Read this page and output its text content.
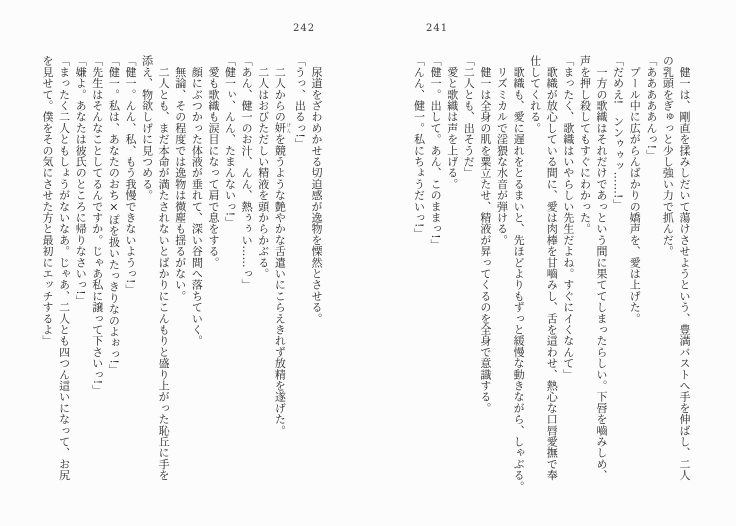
242

　尿道をざわめかせる切迫感が逸物を慄然とさせる。

「うっ、出るっ!」

　二人からの妍 けんを競うような艶やかな舌遣いにこらえきれず放精を遂げた。

　二人はおびただしい精液を頭からかぶる。

「あん、健一のお汁、んん、熱ぅぅい……っ」

「健一ぃ、んん、たまんないっ!」

　愛も歌織も涙目になって肩で息をする。

　顔にぶつかった体液が垂れて、深い谷間へ落ちていく。

　無論、その程度では逸物は微塵も揺るがない。

　二人とも、まだ本命が満たされないとばかりにこんもりと盛り上がった恥丘に手を

添え、物欲しげに見つめる。

「健一。んん、私、もう我慢できないようっ!」

「健一。私は、あなたのおち×ぽを扱いたっきりなのよぉっ!」

「先生はそんなことしてるんですか。じゃあ私に譲って下さいっ!」

「嫌よ。あなたは彼氏のところに帰りなさいっ!」

「まったく二人ともしょうがないなあ。じゃあ、二人とも四つん這いになって、お尻

を見せて。僕をその気にさせた方と最初にエッチするよ」

241

　健一は、剛直を揉みしだいて蕩けさせようという、豊満バストへ手を伸ばし、二人

の乳頭をぎゅっと少し強い力で抓んだ。

「あああああんっ!」

　プール中に広がらんばかりの嬌声を、愛は上げた。

「だめえ!　ンンゥゥッ……!」

　一方の歌織はそれだけであっという間に果ててしまったらしい。下唇を嚙みしめ、

声を押し殺してもすぐにわかった。

「まったく、歌織はいやらしい先生だよね。すぐにイくなんて」

　歌織が放心している間に、愛は肉棒を甘嚙みし、舌を這わせ、熱心な口唇愛撫で奉

仕してくれる。

　歌織も、愛に遅れをとるまいと、先ほどよりもずっと緩慢な動きながら、しゃぶる。

　リズミカルで淫猥な水音が弾ける。

　健一は全身の肌を粟立たせ、精液が昇ってくるのを全身で意識する。

「二人とも、出そうだ」

　愛と歌織は声を上げる。

「健一。出して。あん、このままっ!」

「んん、健一。私にちょうだいっ!」
